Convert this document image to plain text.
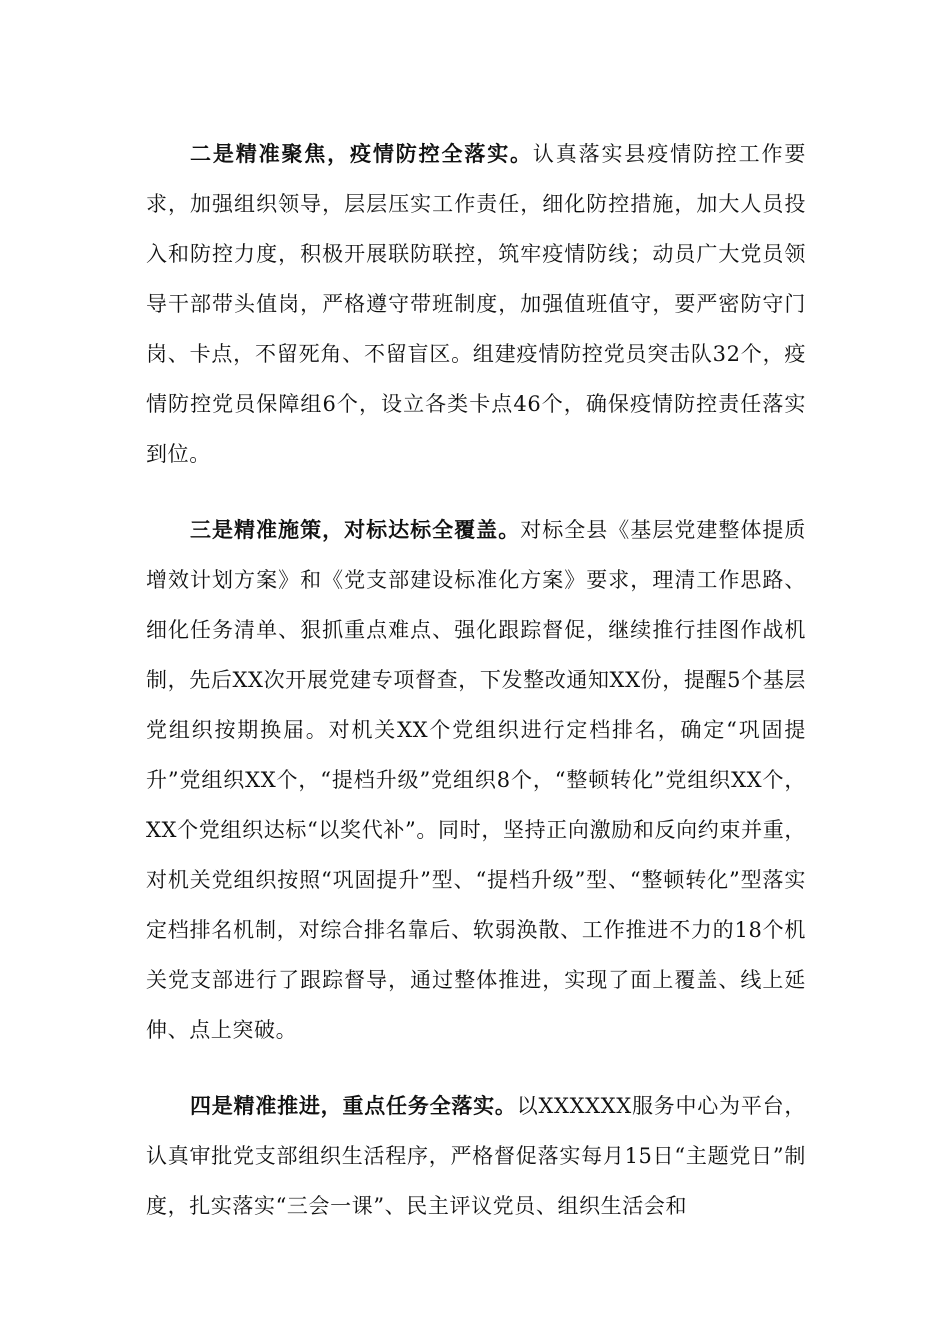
二是精准聚焦，疫情防控全落实。认真落实县疫情防控工作要求，加强组织领导，层层压实工作责任，细化防控措施，加大人员投入和防控力度，积极开展联防联控，筑牢疫情防线；动员广大党员领导干部带头值岗，严格遵守带班制度，加强值班值守，要严密防守门岗、卡点，不留死角、不留盲区。组建疫情防控党员突击队32个，疫情防控党员保障组6个，设立各类卡点46个，确保疫情防控责任落实到位。

三是精准施策，对标达标全覆盖。对标全县《基层党建整体提质增效计划方案》和《党支部建设标准化方案》要求，理清工作思路、细化任务清单、狠抓重点难点、强化跟踪督促，继续推行挂图作战机制，先后XX次开展党建专项督查，下发整改通知XX份，提醒5个基层党组织按期换届。对机关XX个党组织进行定档排名，确定“巩固提升”党组织XX个，“提档升级”党组织8个，“整顿转化”党组织XX个，XX个党组织达标“以奖代补”。同时，坚持正向激励和反向约束并重，对机关党组织按照“巩固提升”型、“提档升级”型、“整顿转化”型落实定档排名机制，对综合排名靠后、软弱涣散、工作推进不力的18个机关党支部进行了跟踪督导，通过整体推进，实现了面上覆盖、线上延伸、点上突破。

四是精准推进，重点任务全落实。以XXXXXX服务中心为平台，认真审批党支部组织生活程序，严格督促落实每月15日“主题党日”制度，扎实落实“三会一课”、民主评议党员、组织生活会和
